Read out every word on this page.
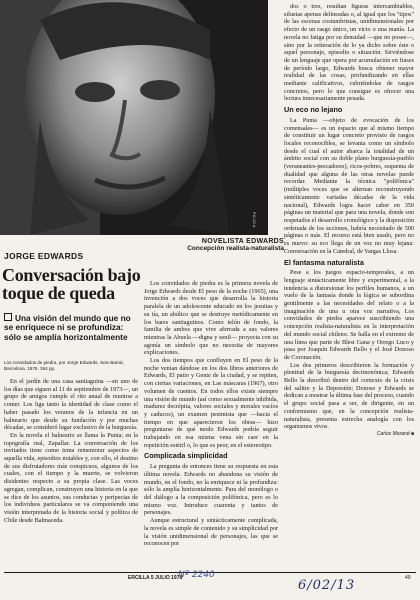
PAUCA
NOVELISTA EDWARDS
Concepción realista-naturalista
JORGE EDWARDS
Conversación bajo toque de queda
Una visión del mundo que no se enriquece ni se profundiza: sólo se amplía horizontalmente
Los convidados de piedra, por Jorge Edwards. Seix Barral, Barcelona, 1978. 364 pp.

En el jardín de una casa santiaguina —en uno de los días que siguen al 11 de septiembre de 1973—, un grupo de amigos cumple el rito anual de reunirse a comer. Los liga tanto la identidad de clase como el haber pasado los veranos de la infancia en un balneario que desde su fundación y por muchas décadas, se consideró lugar exclusivo de la burguesía.

En la novela el balneario se llama la Punta; en la topografía real, Zapallar. La conversación de los invitados tiene como tema rememorar aspectos de aquella vida, episodios notables y, con ello, el destino de sus disfrutadores más conspicuos, algunos de los cuales, con el tiempo y la muerte, se volvieron disidentes respecto a su propia clase. Las voces agregan, complican, construyen una historia en la que se dice de los asuntos, sus conductas y peripecias de los individuos particulares se va componiendo una visión interpretada de la historia social y política de Chile desde Balmaceda.

Los convidados de piedra es la primera novela de Jorge Edwards desde El peso de la noche (1965), una invención a dos voces que desarrolla la historia paralela de un adolescente educado en los jesuitas y su tía, un abúlico que se destruye metódicamente en los bares santiaguinos. Como telón de fondo, la familia de ambos que vive aferrada a sus valores mientras la Abuela —digna y senil— proyecta con su agonía un símbolo que no necesita de mayores explicaciones.

Los dos tiempos que confluyen en El peso de la noche venían dándose en los dos libros anteriores de Edwards, El patio y Gente de la ciudad, y se repiten, con ciertas variaciones, en Las máscaras (1967), otro volumen de cuentos. En todos ellos existe siempre una visión de mundo (así como sexualmente inhibida, madurez decrépita, valores sociales y morales vacíos y caducos), un examen pesimista que —hacia el tiempo en que aparecieron los obras— hizo preguntarse de qué modo Edwards podría seguir trabajando en esa misma vena sin caer en la repetición estéril o, lo que es peor, en el estereotipo.

Complicada simplicidad

La pregunta de entonces tiene su respuesta en esta última novela. Edwards no abandona su visión de mundo, en el fondo, no la enriquece ni la profundiza: sólo la amplía horizontalmente. Para del monólogo o del diálogo a la composición polifónica, pero es lo mismo voz. Introduce cuarenta y tantos de personajes.

Aunque estructural y sintácticamente complicada, la novela es simple de contenido y su simplicidad por la visión unidimensional de personajes, las que se reconocen por

dos o tres, resultan figuras intercambiables, siluetas apenas delineadas o, al igual que los "tipos" de las escenas costumbristas, unidimensionales por efecto de un rasgo único, un vicio o una manía. La novela no fatiga por su densidad —que no posee—, sino por la reiteración de lo ya dicho sobre éste o aquel personaje, episodio o situación. Sirviéndose de un lenguaje que opera por acumulación en frases de período largo, Edwards busca obtener mayor realidad de las cosas, profundizando en ellas mediante calificativos, cubriéndolas de rasgos concretos, pero lo que consigue es ofrecer una lectura innecesariamente pesada.

Un eco no lejano

La Punta —objeto de evocación de los comensales— es un espacio que al mismo tiempo de constituir un lugar concreto provisto de rasgos locales reconocibles, se levanta como un símbolo desde el cual el autor abarca la totalidad de un ámbito social con su doble plano burguesía-pueblo (veraneantes-pescadores), ricos-pobres, esquema de dualidad que alguna de las otras novelas puede recordar. Mediante la técnica "polifónica" (múltiples voces que se alternan reconstruyendo sintéticamente variadas décadas de la vida nacional), Edwards logra hacer caber en 350 páginas un material que para una novela, donde son respetados el desarrollo cronológico y la disposición ordenada de los acciones, habría necesitado de 500 páginas o más. El recurso está bien usado, pero no es nuevo: su eco llega de un voz no muy lejana: Conversación en la Catedral, de Vargas Llosa.

El fantasma naturalista

Pese a los juegos espacio-temporales, a un lenguaje sintácticamente libre y experimental, a la tendencia a distorsionar los perfiles humanos, a un vuelo de la fantasía donde la lógica se subordina gentilmente a las necesidades del relato o a la imaginación de una u otra voz narrativa, Los convidados de piedra aparece suscribiendo una concepción realista-naturalista en la interpretación del mundo social chileno. Se halla en el extremo de una línea que parte de Blest Gana y Orrego Luco y pasa por Joaquín Edwards Bello y el José Donoso de Coronación.

Los dos primeros describieron la formación y plenitud de la burguesía decimonónica; Edwards Bello la describió dentro del contexto de la crisis del salitre y la Depresión; Donoso y Edwards se dedican a mostrar la última fase del proceso, cuando el grupo social pasa a ser, de dirigente, en un conformismo que, en la concepción realista-naturalista, presenta estrecha analogía con los organismos vivos.

Carlos Morand ■

ERCILLA 5 JULIO 1978	49
Nº 2240
6/02/13
